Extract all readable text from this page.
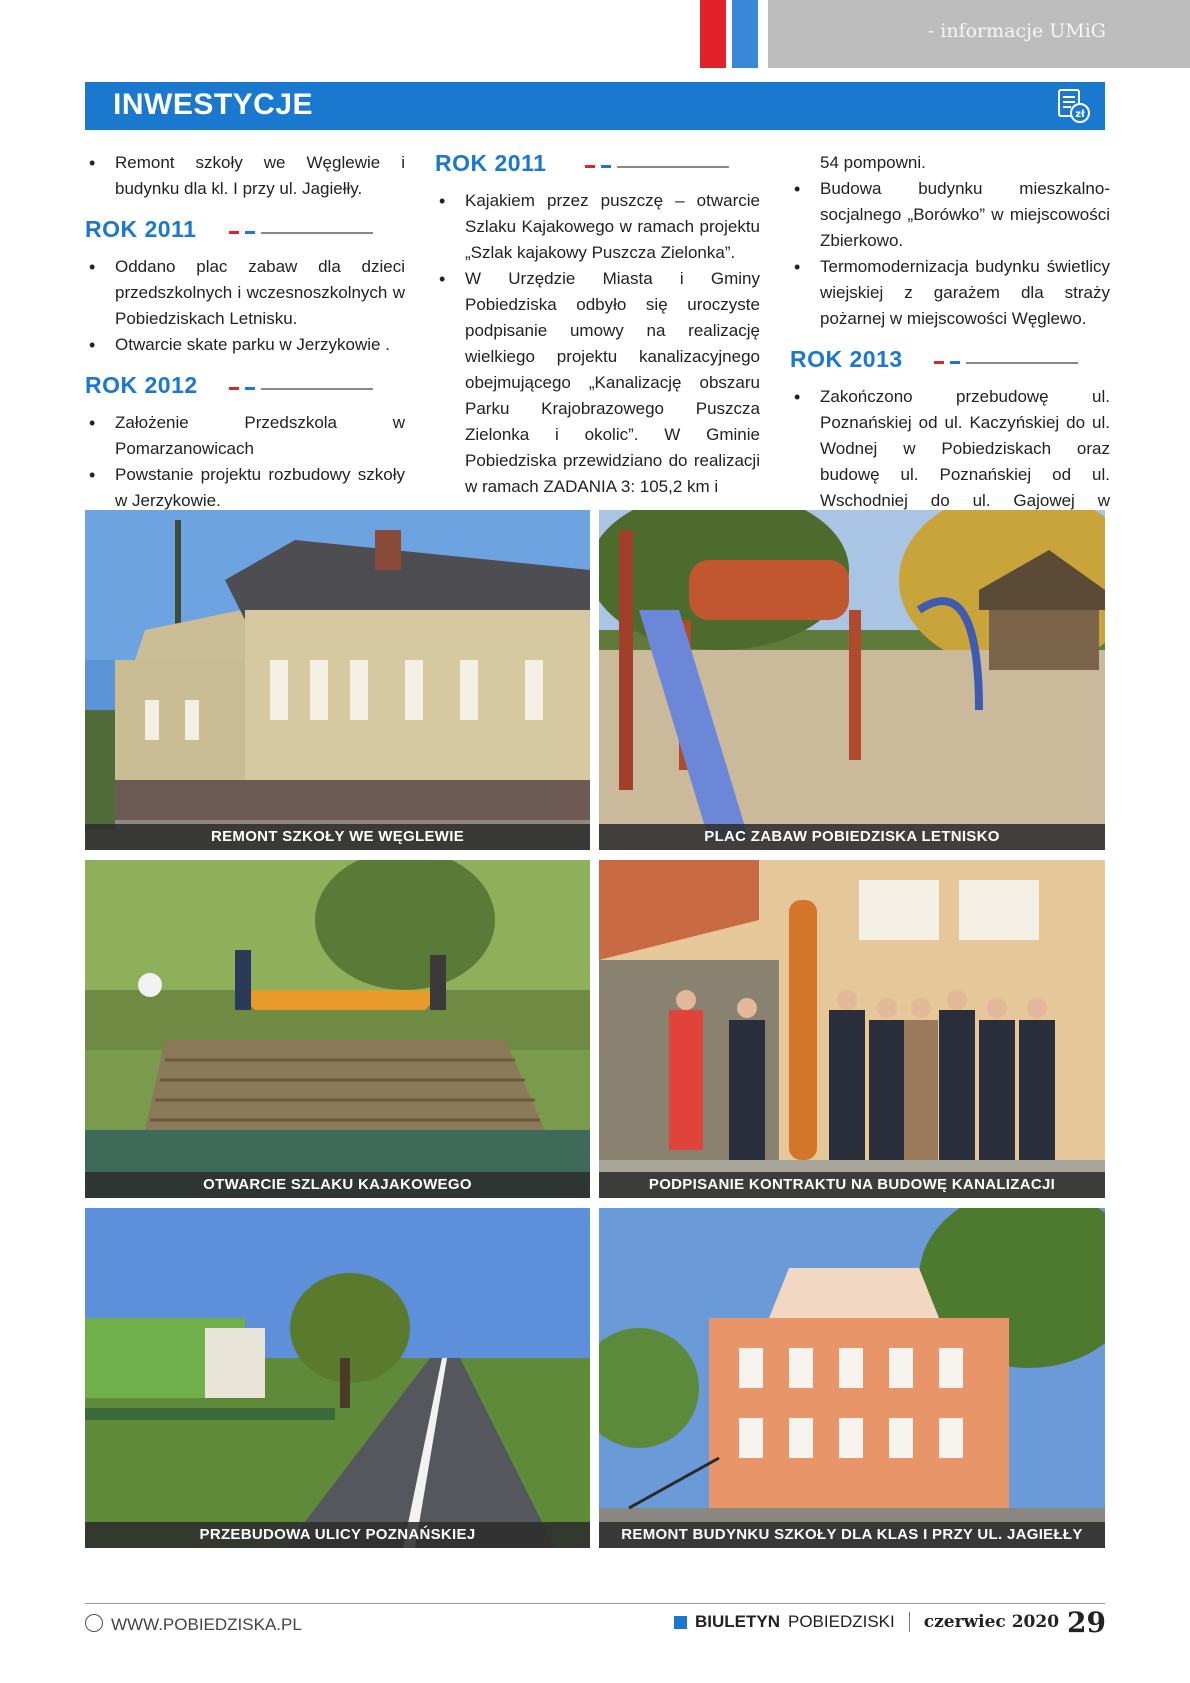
- informacje UMiG
INWESTYCJE	zł
• Remont szkoły we Węglewie i budynku dla kl. I przy ul. Jagiełły.
ROK 2011
• Oddano plac zabaw dla dzieci przedszkolnych i wczesnoszkolnych w Pobiedziskach Letnisku.
• Otwarcie skate parku w Jerzykowie .
ROK 2012
• Założenie Przedszkola w Pomarzanowicach
• Powstanie projektu rozbudowy szkoły w Jerzykowie.
ROK 2011
• Kajakiem przez puszczę – otwarcie Szlaku Kajakowego w ramach projektu „Szlak kajakowy Puszcza Zielonka”.
• W Urzędzie Miasta i Gminy Pobiedziska odbyło się uroczyste podpisanie umowy na realizację wielkiego projektu kanalizacyjnego obejmującego „Kanalizację obszaru Parku Krajobrazowego Puszcza Zielonka i okolic”. W Gminie Pobiedziska przewidziano do realizacji w ramach ZADANIA 3: 105,2 km i
54 pompowni.
• Budowa budynku mieszkalno-socjalnego „Borówko” w miejscowości Zbierkowo.
• Termomodernizacja budynku świetlicy wiejskiej z garażem dla straży pożarnej w miejscowości Węglewo.
ROK 2013
• Zakończono przebudowę ul. Poznańskiej od ul. Kaczyńskiej do ul. Wodnej w Pobiedziskach oraz budowę ul. Poznańskiej od ul. Wschodniej do ul. Gajowej w
REMONT SZKOŁY WE WĘGLEWIE	PLAC ZABAW POBIEDZISKA LETNISKO
OTWARCIE SZLAKU KAJAKOWEGO	PODPISANIE KONTRAKTU NA BUDOWĘ KANALIZACJI
PRZEBUDOWA ULICY POZNAŃSKIEJ	REMONT BUDYNKU SZKOŁY DLA KLAS I PRZY UL. JAGIEŁŁY
WWW.POBIEDZISKA.PL	BIULETYN POBIEDZISKI czerwiec 2020 29
